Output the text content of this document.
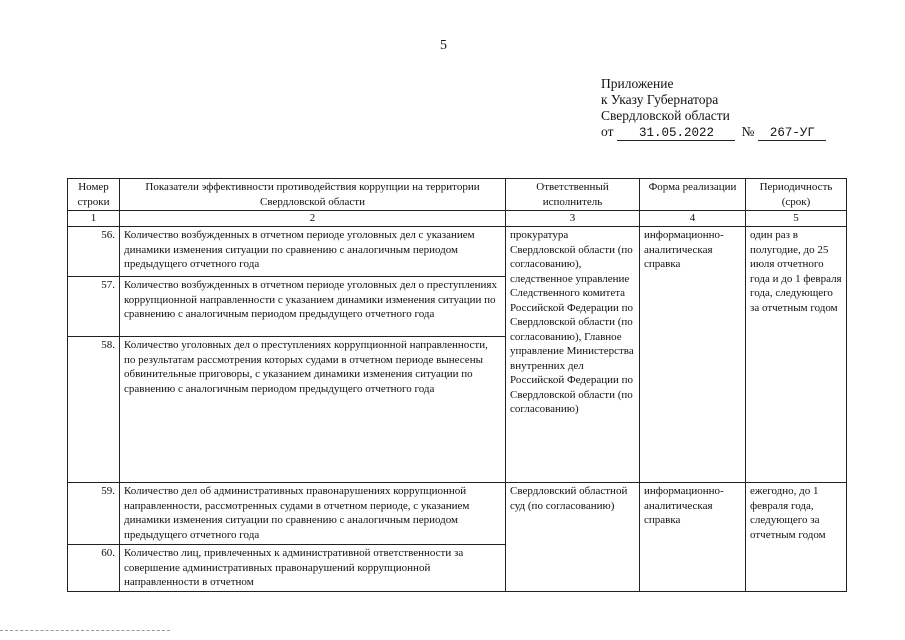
5
Приложение
к Указу Губернатора
Свердловской области
от	31.05.2022	№	267-УГ
Номер строки	Показатели эффективности противодействия коррупции на территории Свердловской области	Ответственный исполнитель	Форма реализации	Периодичность (срок)
1	2	3	4	5
56.	Количество возбужденных в отчетном периоде уголовных дел с указанием динамики изменения ситуации по сравнению с аналогичным периодом предыдущего отчетного года	прокуратура Свердловской области (по согласованию), следственное управление Следственного комитета Российской Федерации по Свердловской области (по согласованию), Главное управление Министерства внутренних дел Российской Федерации по Свердловской области (по согласованию)	информационно-аналитическая справка	один раз в полугодие, до 25 июля отчетного года и до 1 февраля года, следующего за отчетным годом
57.	Количество возбужденных в отчетном периоде уголовных дел о преступлениях коррупционной направленности с указанием динамики изменения ситуации по сравнению с аналогичным периодом предыдущего отчетного года			
58.	Количество уголовных дел о преступлениях коррупционной направленности, по результатам рассмотрения которых судами в отчетном периоде вынесены обвинительные приговоры, с указанием динамики изменения ситуации по сравнению с аналогичным периодом предыдущего отчетного года			
59.	Количество дел об административных правонарушениях коррупционной направленности, рассмотренных судами в отчетном периоде, с указанием динамики изменения ситуации по сравнению с аналогичным периодом предыдущего отчетного года	Свердловский областной суд (по согласованию)	информационно-аналитическая справка	ежегодно, до 1 февраля года, следующего за отчетным годом
60.	Количество лиц, привлеченных к административной ответственности за совершение административных правонарушений коррупционной направленности в отчетном			
